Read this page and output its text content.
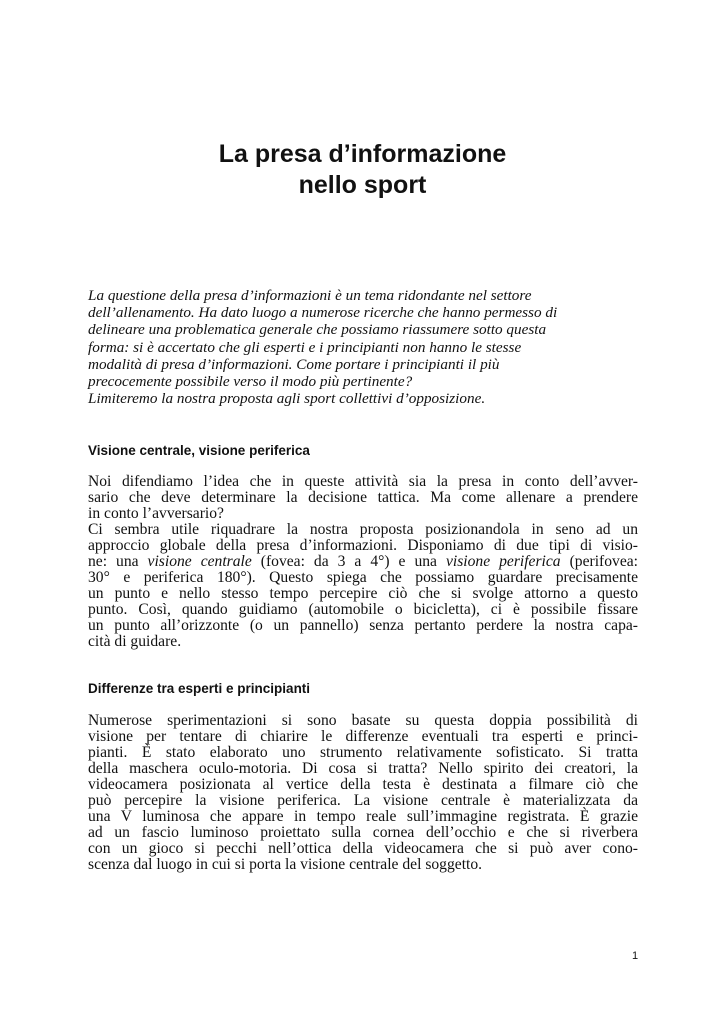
La presa d’informazione
nello sport
La questione della presa d’informazioni è un tema ridondante nel settore
dell’allenamento. Ha dato luogo a numerose ricerche che hanno permesso di
delineare una problematica generale che possiamo riassumere sotto questa
forma: si è accertato che gli esperti e i principianti non hanno le stesse
modalità di presa d’informazioni. Come portare i principianti il più
precocemente possibile verso il modo più pertinente?
Limiteremo la nostra proposta agli sport collettivi d’opposizione.
Visione centrale, visione periferica
Noi difendiamo l’idea che in queste attività sia la presa in conto dell’avver-
sario che deve determinare la decisione tattica. Ma come allenare a prendere
in conto l’avversario?
Ci sembra utile riquadrare la nostra proposta posizionandola in seno ad un
approccio globale della presa d’informazioni. Disponiamo di due tipi di visio-
ne: una visione centrale (fovea: da 3 a 4°) e una visione periferica (perifovea:
30° e periferica 180°). Questo spiega che possiamo guardare precisamente
un punto e nello stesso tempo percepire ciò che si svolge attorno a questo
punto. Così, quando guidiamo (automobile o bicicletta), ci è possibile fissare
un punto all’orizzonte (o un pannello) senza pertanto perdere la nostra capa-
cità di guidare.
Differenze tra esperti e principianti
Numerose sperimentazioni si sono basate su questa doppia possibilità di
visione per tentare di chiarire le differenze eventuali tra esperti e princi-
pianti. È stato elaborato uno strumento relativamente sofisticato. Si tratta
della maschera oculo-motoria. Di cosa si tratta? Nello spirito dei creatori, la
videocamera posizionata al vertice della testa è destinata a filmare ciò che
può percepire la visione periferica. La visione centrale è materializzata da
una V luminosa che appare in tempo reale sull’immagine registrata. È grazie
ad un fascio luminoso proiettato sulla cornea dell’occhio e che si riverbera
con un gioco si pecchi nell’ottica della videocamera che si può aver cono-
scenza dal luogo in cui si porta la visione centrale del soggetto.
1
